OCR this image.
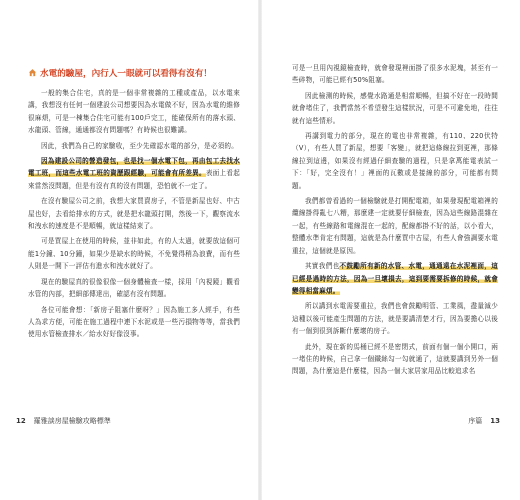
水電的驗屋，內行人一眼就可以看得有沒有！

一般的集合住宅，真的是一個非常複雜的工種或產品，以水電來講，我想沒有任何一個建設公司想要因為水電做不好，因為水電的維修很麻煩，可是一棟集合住宅可能有100戶完工，能確保所有的落水頭、水龍頭、管線，通通都沒有問題嗎？有時候也很難講。

因此，我們為自己的家驗收，至少先確認水電的部分，是必須的。

因為建設公司的營造發包，也是找一個水電下包，再由包工去找水電工班，而這些水電工班的資歷跟經驗，可能會有所差異。表面上看起來當然沒問題，但是有沒有真的沒有問題，恐怕就不一定了。

在沒有驗屋公司之前，我想大家買賣房子，不管是新屋也好、中古屋也好，去看給排水的方式，就是把水龍頭打開，然後一下，觀察流水和洩水的速度是不是順暢，就這樣結束了。

可是買屋上在使用的時候，並非如此，有的人太過，就要放這個可能1分鐘、10分鐘，如果少是缺水的時候，不免覺得稍為浪費，而有些人則是一開下一評估有進水和洩水就好了。

現在的驗屋真的很像很像一個身體檢查一樣，採用「內視鏡」觀看水管的內部，把細部傳達出，確認有沒有問題。

各位可能會想：「新房子阻塞什麼呀？」因為施工多人經手，有些人為求方便，可能在施工過程中連下水泥或是一些污損物等等，當我們使用水管檢查排水／給水好好像沒事。

12 羅雅談房屋檢驗攻略標準

可是一旦用內視鏡檢查時，就會發現裡面掛了很多水泥塊，甚至有一些碎物，可能已經有50%阻塞。

因此檢測的時候，感覺水路通是相當順暢，但搞不好在一段時間就會堵住了，我們當然不希望發生這樣狀況，可是不可避免地，往往就有這些情形。

再講到電力的部分，現在的電也非常複雜，有110、220伏特（V），有些人買了新屋，想要「客變」，就把這條線拉到更裡，那條線拉到這邊，如果沒有經過仔細查驗的過程，只是拿萬能電表試一下：「好，完全沒有！」裡面的瓦數或是接線的部分，可能都有問題。

我們都曾看過的一個檢驗就是打開配電箱，如果發現配電箱裡的纜線掛得亂七八糟，那麼建一定就要仔細檢查，因為這些線路混雜在一起，有些線路和電線混在一起的，配線都掛不好的話，以小看大，整體水準肯定有問題，這就是為什麼買中古屋，有些人會強調要水電重拉，這個就是原因。

其實我們也不鼓勵所有新的水管、水電，通通遠在水泥裡面，這已經是過時的方法，因為一旦壞損去，這到要需要拆修的時候，就會變得相當麻煩。

所以講到水電需要重拉，我們也會鼓勵明管、工業風，盡量減少這種以後可能產生問題的方法，就是要講清楚才行，因為要擔心以後有一個到很到訴斷什麼壞的房子。

此外，現在新的馬桶已經不是密閉式，前面有個一個小開口，兩一堵住的時候，自己拿一個鐵絲勾一勾就通了，這就要講到另外一個問題，為什麼這是什麼樣，因為一個大家居家用品比較追求名

序篇 13
